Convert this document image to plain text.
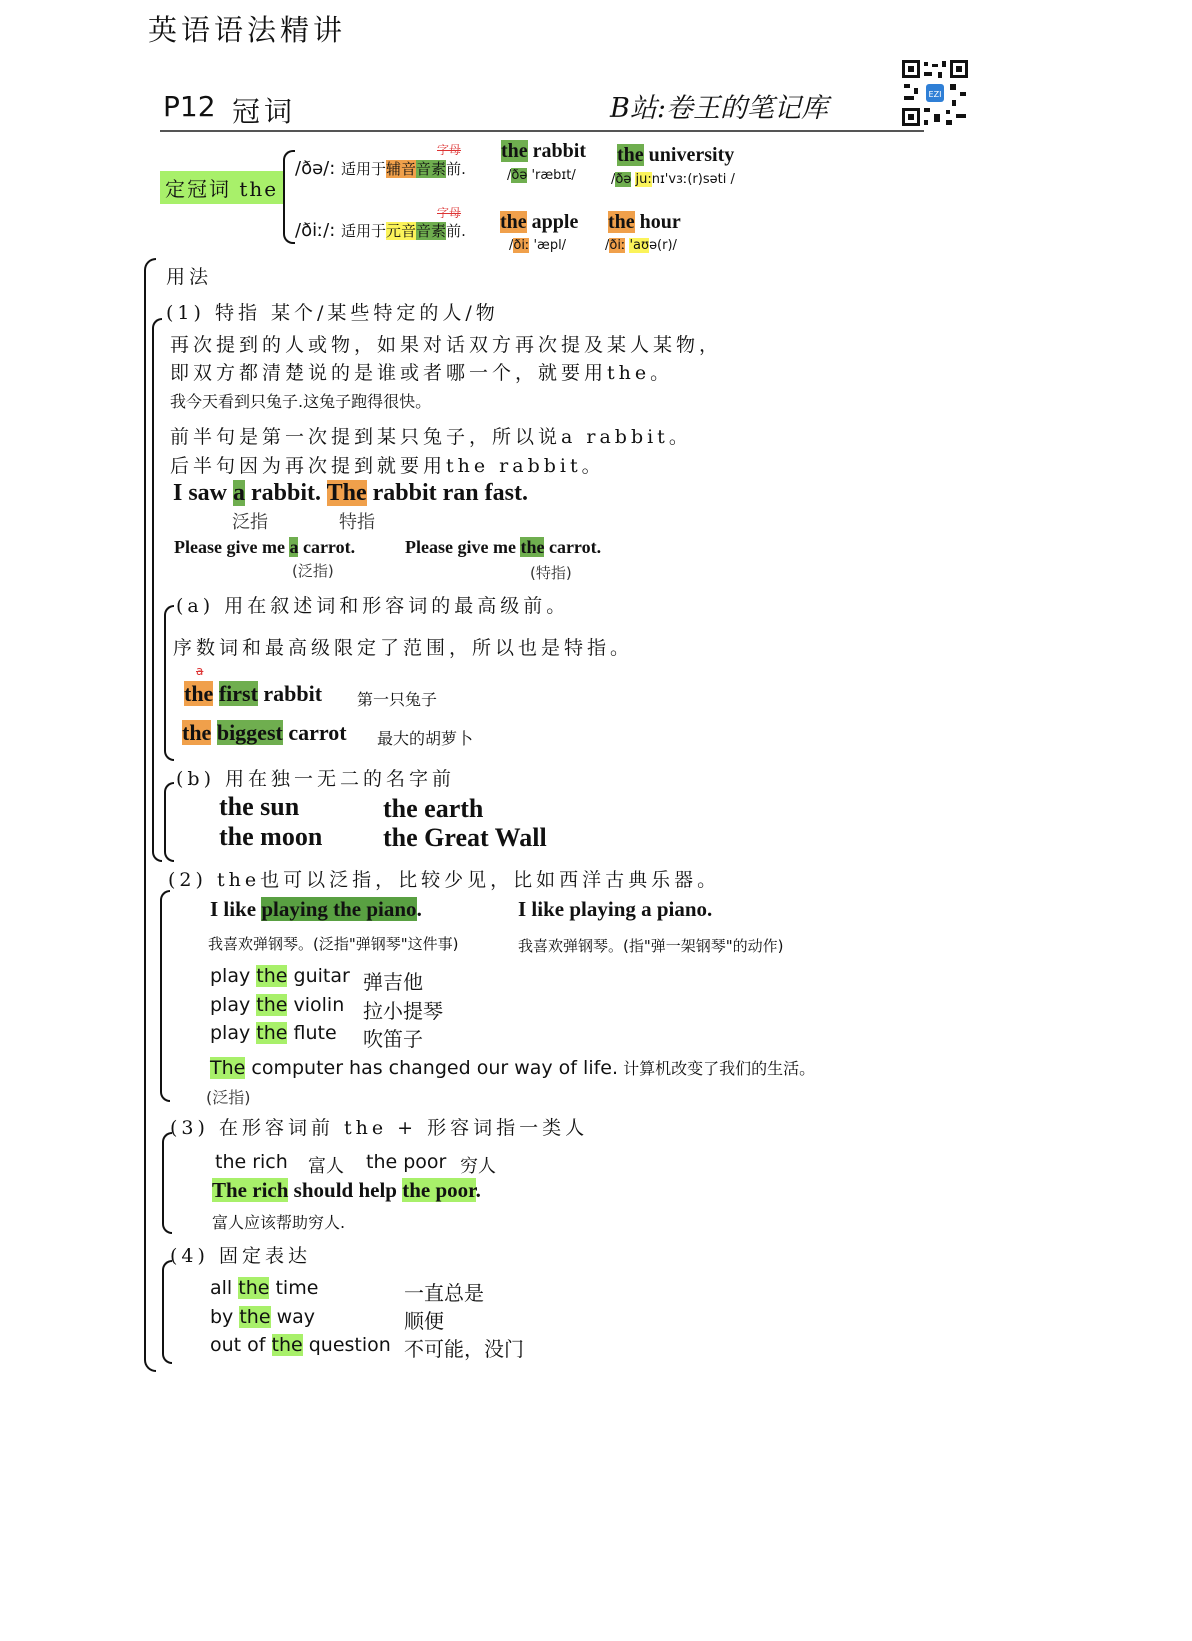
英语语法精讲
P12 冠词	B站:卷王的笔记库	EZI
定冠词 the
字母
/ðə/: 适用于辅音音素前.
字母
/ðiː/: 适用于元音音素前.
the rabbit
/ðə 'ræbɪt/
the university
/ðə ju:nɪ'vɜː(r)səti /
the apple
/ðiː 'æpl/
the hour
/ðiː 'aʊə(r)/
用法
(1) 特指 某个/某些特定的人/物
再次提到的人或物，如果对话双方再次提及某人某物，
即双方都清楚说的是谁或者哪一个，就要用the。
我今天看到只兔子.这兔子跑得很快。
前半句是第一次提到某只兔子，所以说a rabbit。
后半句因为再次提到就要用the rabbit。
I saw a rabbit. The rabbit ran fast.
泛指	特指
Please give me a carrot.	Please give me the carrot.
(泛指)	(特指)
(a) 用在叙述词和形容词的最高级前。
序数词和最高级限定了范围，所以也是特指。
a
the first rabbit 第一只兔子
the biggest carrot 最大的胡萝卜
(b) 用在独一无二的名字前
the sun
the moon
the earth
the Great Wall
(2) the也可以泛指，比较少见，比如西洋古典乐器。
I like playing the piano.	I like playing a piano.
我喜欢弹钢琴。(泛指"弹钢琴"这件事)	我喜欢弹钢琴。(指"弹一架钢琴"的动作)
play the guitar 弹吉他
play the violin 拉小提琴
play the flute 吹笛子
The computer has changed our way of life. 计算机改变了我们的生活。
(泛指)
(3) 在形容词前 the + 形容词指一类人
the rich 富人 the poor 穷人
The rich should help the poor.
富人应该帮助穷人.
(4) 固定表达
all the time	一直总是
by the way	顺便
out of the question 不可能，没门
